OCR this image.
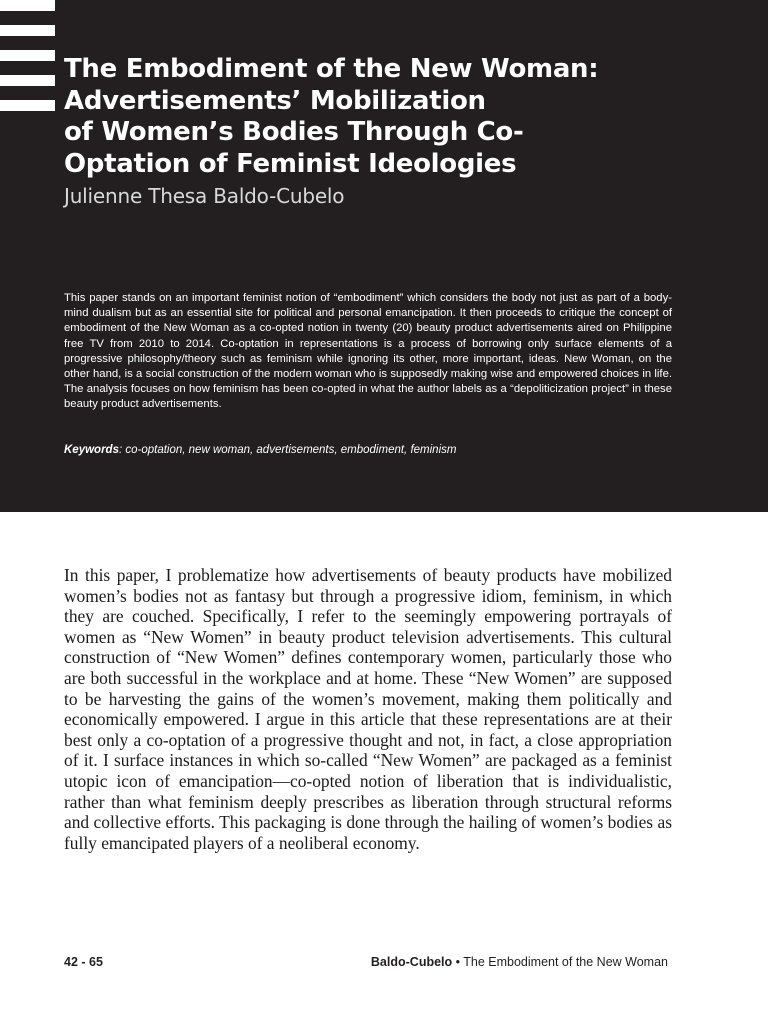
The Embodiment of the New Woman:
Advertisements’ Mobilization
of Women’s Bodies Through Co-
Optation of Feminist Ideologies

Julienne Thesa Baldo-Cubelo

This paper stands on an important feminist notion of “embodiment” which considers the body not just as part of a body-mind dualism but as an essential site for political and personal emancipation. It then proceeds to critique the concept of embodiment of the New Woman as a co-opted notion in twenty (20) beauty product advertisements aired on Philippine free TV from 2010 to 2014. Co-optation in representations is a process of borrowing only surface elements of a progressive philosophy/theory such as feminism while ignoring its other, more important, ideas. New Woman, on the other hand, is a social construction of the modern woman who is supposedly making wise and empowered choices in life. The analysis focuses on how feminism has been co-opted in what the author labels as a “depoliticization project” in these beauty product advertisements.

Keywords: co-optation, new woman, advertisements, embodiment, feminism

In this paper, I problematize how advertisements of beauty products have mobilized women’s bodies not as fantasy but through a progressive idiom, feminism, in which they are couched. Specifically, I refer to the seemingly empowering portrayals of women as “New Women” in beauty product television advertisements. This cultural construction of “New Women” defines contemporary women, particularly those who are both successful in the workplace and at home. These “New Women” are supposed to be harvesting the gains of the women’s movement, making them politically and economically empowered. I argue in this article that these representations are at their best only a co-optation of a progressive thought and not, in fact, a close appropriation of it. I surface instances in which so-called “New Women” are packaged as a feminist utopic icon of emancipation—co-opted notion of liberation that is individualistic, rather than what feminism deeply prescribes as liberation through structural reforms and collective efforts. This packaging is done through the hailing of women’s bodies as fully emancipated players of a neoliberal economy.

42 - 65	Baldo-Cubelo • The Embodiment of the New Woman
